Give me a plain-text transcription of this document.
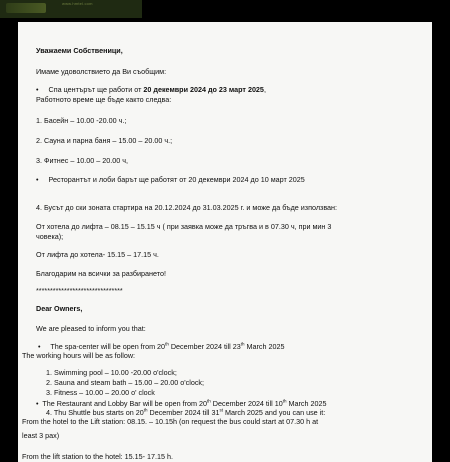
www.hmtel.com
Уважаеми Собственици,
Имаме удоволствието да Ви съобщим:
• Спа центърът ще работи от 20 декември 2024 до 23 март 2025,
Работното време ще бъде както следва:
1. Басейн – 10.00 -20.00 ч.;
2. Сауна и парна баня – 15.00 – 20.00 ч.;
3. Фитнес – 10.00 – 20.00 ч,
• Ресторантът и лоби барът ще работят от 20 декември 2024 до 10 март 2025
4. Бусът до ски зоната стартира на 20.12.2024 до 31.03.2025 г. и може да бъде използван:
От хотела до лифта – 08.15 – 15.15 ч ( при заявка може да тръгва и в 07.30 ч, при мин 3
човека);
От лифта до хотела- 15.15 – 17.15 ч.
Благодарим на всички за разбирането!
*******************************
Dear Owners,
We are pleased to inform you that:
• The spa-center will be open from 20th December 2024 till 23th March 2025
The working hours will be as follow:
1. Swimming pool – 10.00 -20.00 o'clock;
2. Sauna and steam bath – 15.00 – 20.00 o'clock;
3. Fitness – 10.00 – 20.00 o' clock
• The Restaurant and Lobby Bar will be open from 20th December 2024 till 10th March 2025
4. Thu Shuttle bus starts on 20th December 2024 till 31st March 2025 and you can use it:
From the hotel to the Lift station: 08.15. – 10.15h (on request the bus could start at 07.30 h at
least 3 pax)
From the lift station to the hotel: 15.15- 17.15 h.
